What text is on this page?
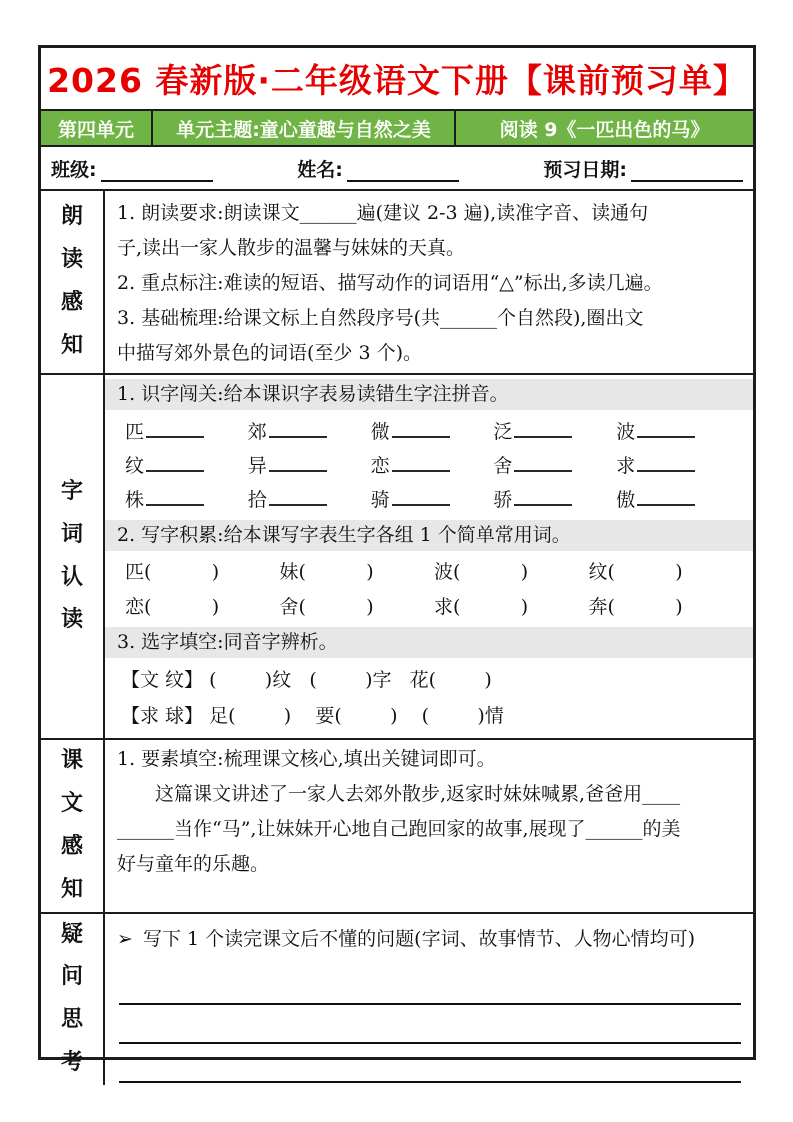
2026 春新版·二年级语文下册【课前预习单】
第四单元	单元主题:童心童趣与自然之美	阅读 9《一匹出色的马》
班级:	姓名:	预习日期:
朗读感知
1. 朗读要求:朗读课文______遍(建议 2-3 遍),读准字音、读通句
子,读出一家人散步的温馨与妹妹的天真。
2. 重点标注:难读的短语、描写动作的词语用“△”标出,多读几遍。
3. 基础梳理:给课文标上自然段序号(共______个自然段),圈出文
中描写郊外景色的词语(至少 3 个)。
字词认读
1. 识字闯关:给本课识字表易读错生字注拼音。
匹	郊	微	泛	波
纹	异	恋	舍	求
株	拾	骑	骄	傲
2. 写字积累:给本课写字表生字各组 1 个简单常用词。
匹(          )	妹(          )	波(          )	纹(          )
恋(          )	舍(          )	求(          )	奔(          )
3. 选字填空:同音字辨析。
【文 纹】 (        )纹   (        )字   花(        )
【求 球】 足(        )    要(        )    (        )情
课文感知
1. 要素填空:梳理课文核心,填出关键词即可。
　　这篇课文讲述了一家人去郊外散步,返家时妹妹喊累,爸爸用____
______当作“马”,让妹妹开心地自己跑回家的故事,展现了______的美
好与童年的乐趣。
疑问思考
➢ 写下 1 个读完课文后不懂的问题(字词、故事情节、人物心情均可)
